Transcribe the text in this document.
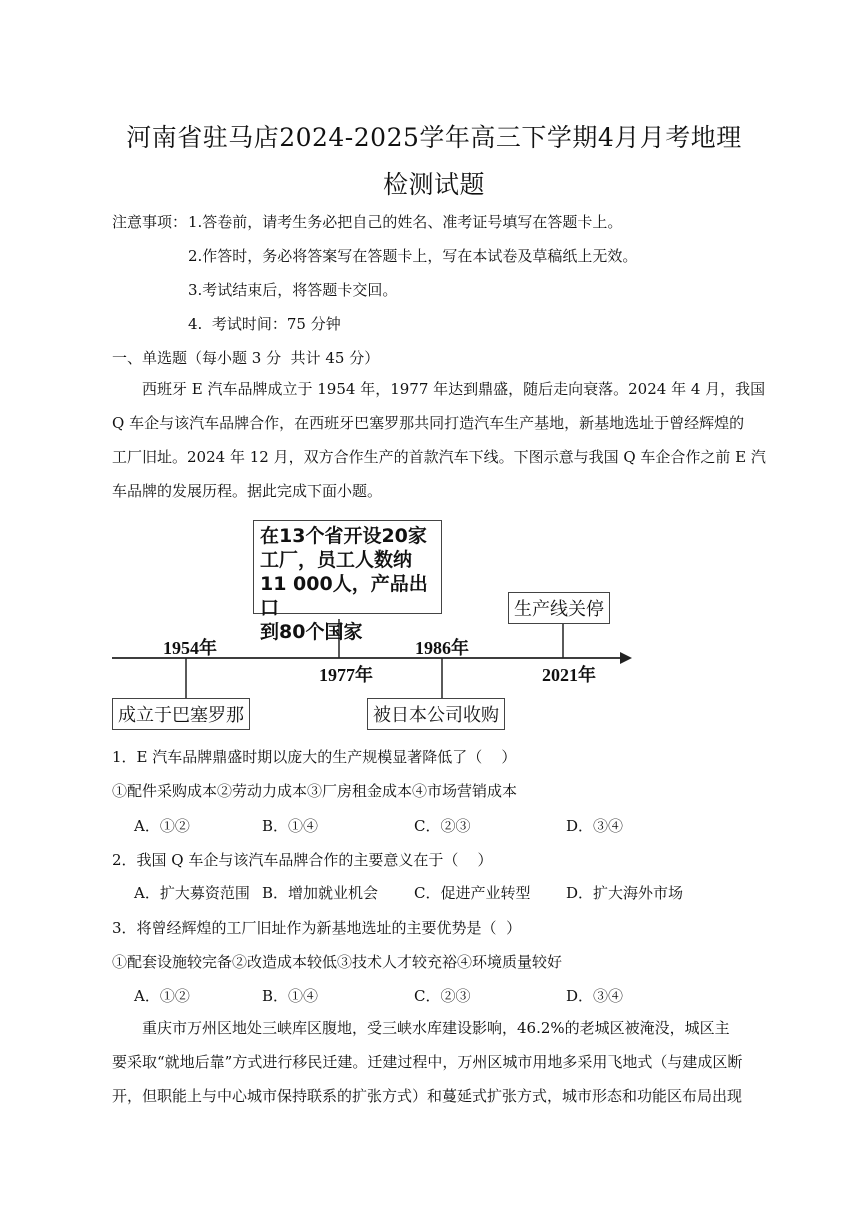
河南省驻马店2024-2025学年高三下学期4月月考地理
检测试题
注意事项： 1.答卷前，请考生务必把自己的姓名、准考证号填写在答题卡上。
2.作答时，务必将答案写在答题卡上，写在本试卷及草稿纸上无效。
3.考试结束后，将答题卡交回。
4.  考试时间：75 分钟
一、单选题（每小题 3 分  共计 45 分）
西班牙 E 汽车品牌成立于 1954 年，1977 年达到鼎盛，随后走向衰落。2024 年 4 月，我国
Q 车企与该汽车品牌合作，在西班牙巴塞罗那共同打造汽车生产基地，新基地选址于曾经辉煌的
工厂旧址。2024 年 12 月，双方合作生产的首款汽车下线。下图示意与我国 Q 车企合作之前 E 汽
车品牌的发展历程。据此完成下面小题。
在13个省开设20家
工厂，员工人数纳
11 000人，产品出口
到80个国家
生产线关停
成立于巴塞罗那	被日本公司收购
1954年
1977年
1986年
2021年
1．E 汽车品牌鼎盛时期以庞大的生产规模显著降低了（    ）
①配件采购成本②劳动力成本③厂房租金成本④市场营销成本
A．①②	B．①④	C．②③	D．③④
2．我国 Q 车企与该汽车品牌合作的主要意义在于（    ）
A．扩大募资范围 B．增加就业机会 C．促进产业转型 D．扩大海外市场
3．将曾经辉煌的工厂旧址作为新基地选址的主要优势是（  ）
①配套设施较完备②改造成本较低③技术人才较充裕④环境质量较好
A．①②	B．①④	C．②③	D．③④
重庆市万州区地处三峡库区腹地，受三峡水库建设影响，46.2%的老城区被淹没，城区主
要采取“就地后靠”方式进行移民迁建。迁建过程中，万州区城市用地多采用飞地式（与建成区断
开，但职能上与中心城市保持联系的扩张方式）和蔓延式扩张方式，城市形态和功能区布局出现
